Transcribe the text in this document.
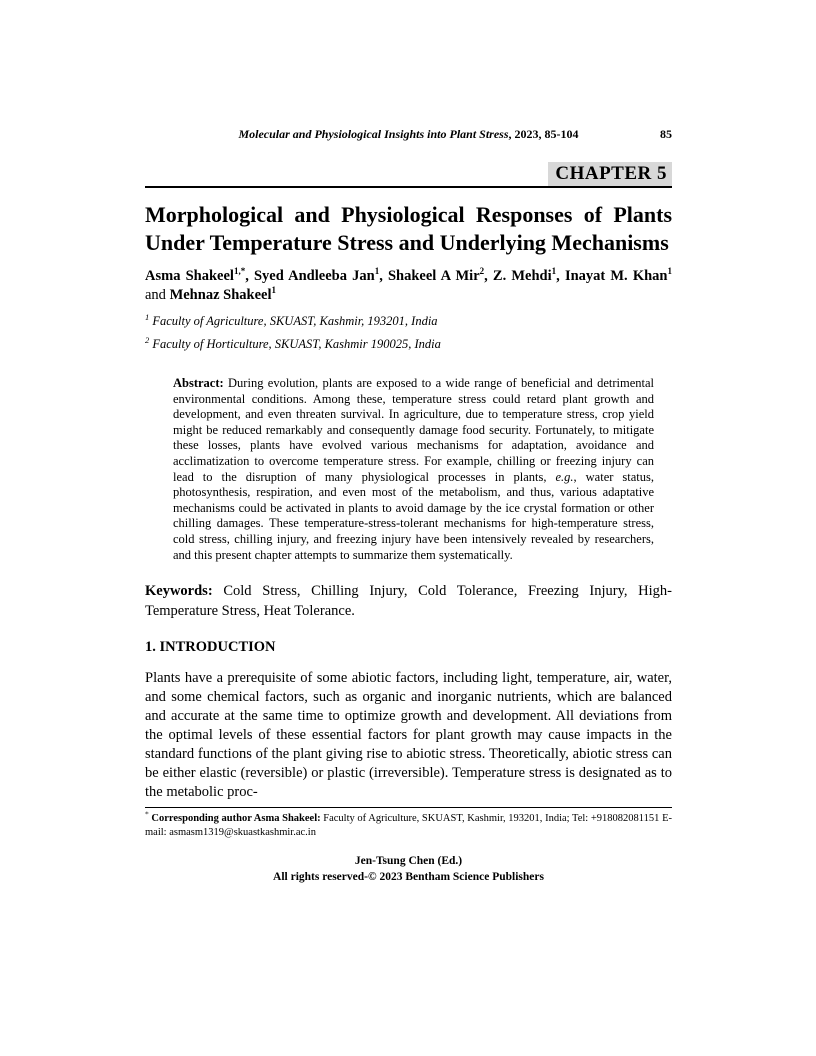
Molecular and Physiological Insights into Plant Stress, 2023, 85-104	85
CHAPTER 5
Morphological and Physiological Responses of Plants Under Temperature Stress and Underlying Mechanisms

Asma Shakeel$^{1,*}$, Syed Andleeba Jan$^1$, Shakeel A Mir$^2$, Z. Mehdi$^1$, Inayat M. Khan$^1$ and Mehnaz Shakeel$^1$

$^1$ Faculty of Agriculture, SKUAST, Kashmir, 193201, India

$^2$ Faculty of Horticulture, SKUAST, Kashmir 190025, India

Abstract: During evolution, plants are exposed to a wide range of beneficial and detrimental environmental conditions. Among these, temperature stress could retard plant growth and development, and even threaten survival. In agriculture, due to temperature stress, crop yield might be reduced remarkably and consequently damage food security. Fortunately, to mitigate these losses, plants have evolved various mechanisms for adaptation, avoidance and acclimatization to overcome temperature stress. For example, chilling or freezing injury can lead to the disruption of many physiological processes in plants, e.g., water status, photosynthesis, respiration, and even most of the metabolism, and thus, various adaptative mechanisms could be activated in plants to avoid damage by the ice crystal formation or other chilling damages. These temperature-stress-tolerant mechanisms for high-temperature stress, cold stress, chilling injury, and freezing injury have been intensively revealed by researchers, and this present chapter attempts to summarize them systematically.

Keywords: Cold Stress, Chilling Injury, Cold Tolerance, Freezing Injury, High-Temperature Stress, Heat Tolerance.

1. INTRODUCTION

Plants have a prerequisite of some abiotic factors, including light, temperature, air, water, and some chemical factors, such as organic and inorganic nutrients, which are balanced and accurate at the same time to optimize growth and development. All deviations from the optimal levels of these essential factors for plant growth may cause impacts in the standard functions of the plant giving rise to abiotic stress. Theoretically, abiotic stress can be either elastic (reversible) or plastic (irreversible). Temperature stress is designated as to the metabolic proc-

* Corresponding author Asma Shakeel: Faculty of Agriculture, SKUAST, Kashmir, 193201, India; Tel: +918082081151 E-mail: asmasm1319@skuastkashmir.ac.in

Jen-Tsung Chen (Ed.)
All rights reserved-© 2023 Bentham Science Publishers
